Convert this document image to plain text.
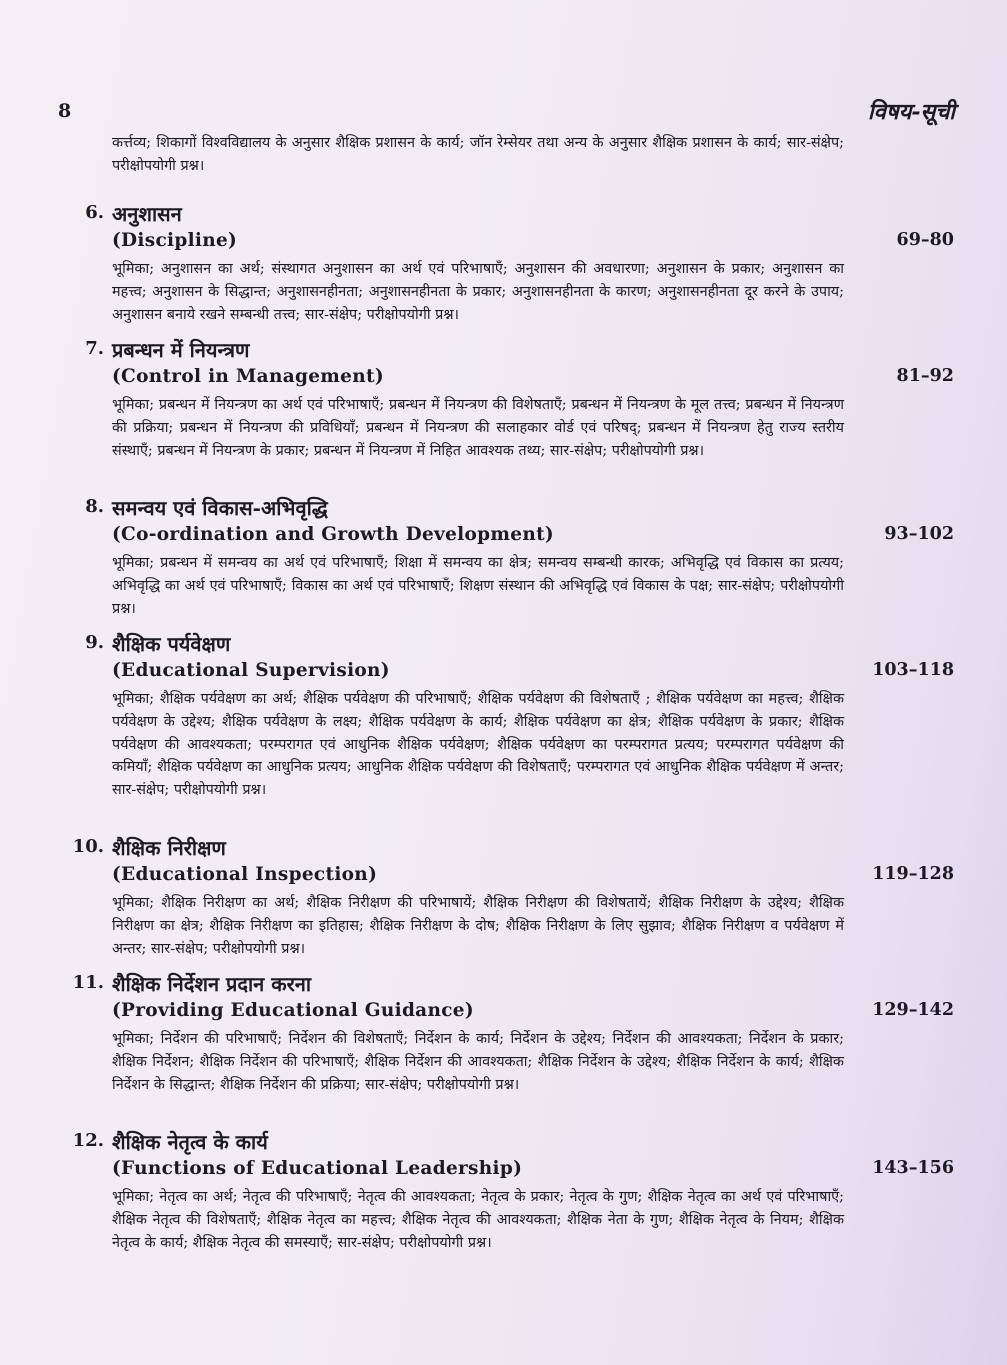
8	विषय-सूची

कर्त्तव्य; शिकागों विश्वविद्यालय के अनुसार शैक्षिक प्रशासन के कार्य; जॉन रेम्सेयर तथा अन्य के अनुसार शैक्षिक प्रशासन के कार्य; सार-संक्षेप; परीक्षोपयोगी प्रश्न।

6. अनुशासन
(Discipline)	69–80

भूमिका; अनुशासन का अर्थ; संस्थागत अनुशासन का अर्थ एवं परिभाषाएँ; अनुशासन की अवधारणा; अनुशासन के प्रकार; अनुशासन का महत्त्व; अनुशासन के सिद्धान्त; अनुशासनहीनता; अनुशासनहीनता के प्रकार; अनुशासनहीनता के कारण; अनुशासनहीनता दूर करने के उपाय; अनुशासन बनाये रखने सम्बन्धी तत्त्व; सार-संक्षेप; परीक्षोपयोगी प्रश्न।

7. प्रबन्धन में नियन्त्रण
(Control in Management)	81–92

भूमिका; प्रबन्धन में नियन्त्रण का अर्थ एवं परिभाषाएँ; प्रबन्धन में नियन्त्रण की विशेषताएँ; प्रबन्धन में नियन्त्रण के मूल तत्त्व; प्रबन्धन में नियन्त्रण की प्रक्रिया; प्रबन्धन में नियन्त्रण की प्रविधियाँ; प्रबन्धन में नियन्त्रण की सलाहकार वोर्ड एवं परिषद्; प्रबन्धन में नियन्त्रण हेतु राज्य स्तरीय संस्थाएँ; प्रबन्धन में नियन्त्रण के प्रकार; प्रबन्धन में नियन्त्रण में निहित आवश्यक तथ्य; सार-संक्षेप; परीक्षोपयोगी प्रश्न।

8. समन्वय एवं विकास-अभिवृद्धि
(Co-ordination and Growth Development)	93–102

भूमिका; प्रबन्धन में समन्वय का अर्थ एवं परिभाषाएँ; शिक्षा में समन्वय का क्षेत्र; समन्वय सम्बन्धी कारक; अभिवृद्धि एवं विकास का प्रत्यय; अभिवृद्धि का अर्थ एवं परिभाषाएँ; विकास का अर्थ एवं परिभाषाएँ; शिक्षण संस्थान की अभिवृद्धि एवं विकास के पक्ष; सार-संक्षेप; परीक्षोपयोगी प्रश्न।

9. शैक्षिक पर्यवेक्षण
(Educational Supervision)	103–118

भूमिका; शैक्षिक पर्यवेक्षण का अर्थ; शैक्षिक पर्यवेक्षण की परिभाषाएँ; शैक्षिक पर्यवेक्षण की विशेषताएँ ; शैक्षिक पर्यवेक्षण का महत्त्व; शैक्षिक पर्यवेक्षण के उद्देश्य; शैक्षिक पर्यवेक्षण के लक्ष्य; शैक्षिक पर्यवेक्षण के कार्य; शैक्षिक पर्यवेक्षण का क्षेत्र; शैक्षिक पर्यवेक्षण के प्रकार; शैक्षिक पर्यवेक्षण की आवश्यकता; परम्परागत एवं आधुनिक शैक्षिक पर्यवेक्षण; शैक्षिक पर्यवेक्षण का परम्परागत प्रत्यय; परम्परागत पर्यवेक्षण की कमियाँ; शैक्षिक पर्यवेक्षण का आधुनिक प्रत्यय; आधुनिक शैक्षिक पर्यवेक्षण की विशेषताएँ; परम्परागत एवं आधुनिक शैक्षिक पर्यवेक्षण में अन्तर; सार-संक्षेप; परीक्षोपयोगी प्रश्न।

10. शैक्षिक निरीक्षण
(Educational Inspection)	119–128

भूमिका; शैक्षिक निरीक्षण का अर्थ; शैक्षिक निरीक्षण की परिभाषायें; शैक्षिक निरीक्षण की विशेषतायें; शैक्षिक निरीक्षण के उद्देश्य; शैक्षिक निरीक्षण का क्षेत्र; शैक्षिक निरीक्षण का इतिहास; शैक्षिक निरीक्षण के दोष; शैक्षिक निरीक्षण के लिए सुझाव; शैक्षिक निरीक्षण व पर्यवेक्षण में अन्तर; सार-संक्षेप; परीक्षोपयोगी प्रश्न।

11. शैक्षिक निर्देशन प्रदान करना
(Providing Educational Guidance)	129–142

भूमिका; निर्देशन की परिभाषाएँ; निर्देशन की विशेषताएँ; निर्देशन के कार्य; निर्देशन के उद्देश्य; निर्देशन की आवश्यकता; निर्देशन के प्रकार; शैक्षिक निर्देशन; शैक्षिक निर्देशन की परिभाषाएँ; शैक्षिक निर्देशन की आवश्यकता; शैक्षिक निर्देशन के उद्देश्य; शैक्षिक निर्देशन के कार्य; शैक्षिक निर्देशन के सिद्धान्त; शैक्षिक निर्देशन की प्रक्रिया; सार-संक्षेप; परीक्षोपयोगी प्रश्न।

12. शैक्षिक नेतृत्व के कार्य
(Functions of Educational Leadership)	143–156

भूमिका; नेतृत्व का अर्थ; नेतृत्व की परिभाषाएँ; नेतृत्व की आवश्यकता; नेतृत्व के प्रकार; नेतृत्व के गुण; शैक्षिक नेतृत्व का अर्थ एवं परिभाषाएँ; शैक्षिक नेतृत्व की विशेषताएँ; शैक्षिक नेतृत्व का महत्त्व; शैक्षिक नेतृत्व की आवश्यकता; शैक्षिक नेता के गुण; शैक्षिक नेतृत्व के नियम; शैक्षिक नेतृत्व के कार्य; शैक्षिक नेतृत्व की समस्याएँ; सार-संक्षेप; परीक्षोपयोगी प्रश्न।
